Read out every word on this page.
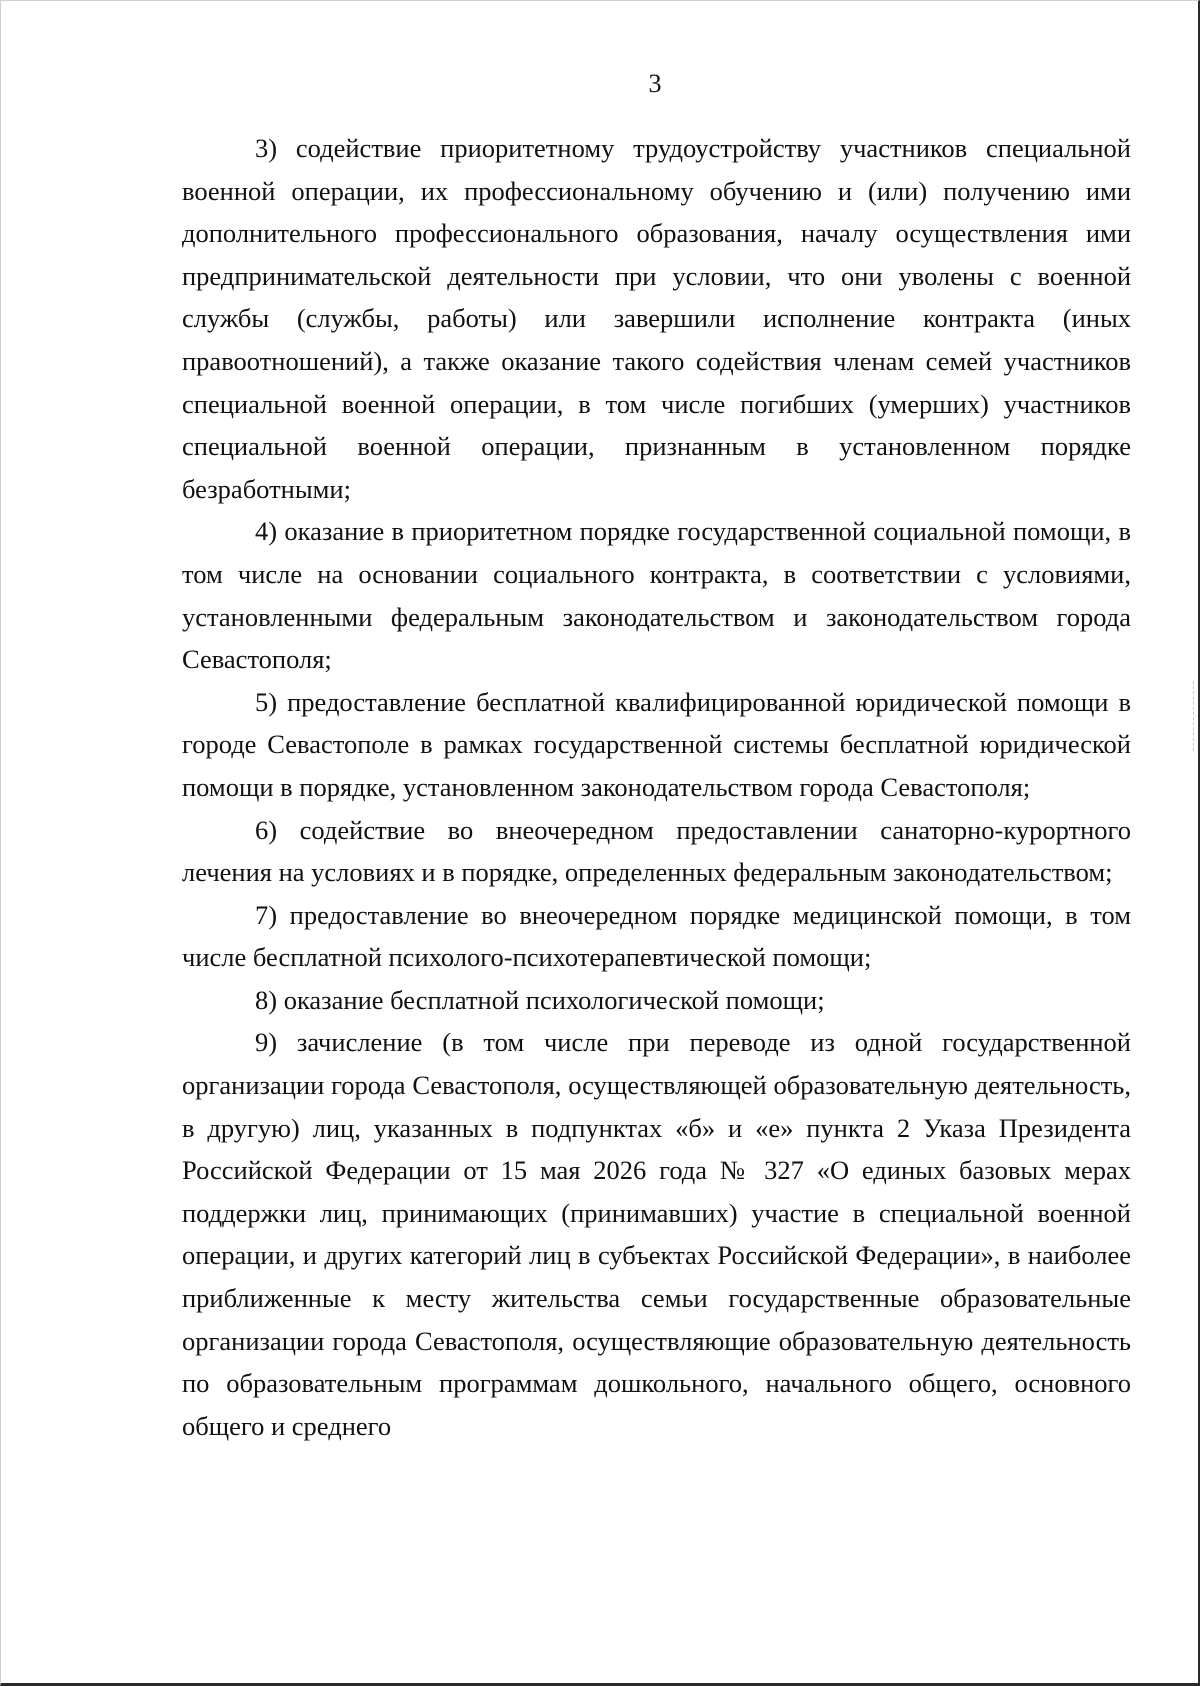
3

3) содействие приоритетному трудоустройству участников специальной военной операции, их профессиональному обучению и (или) получению ими дополнительного профессионального образования, началу осуществления ими предпринимательской деятельности при условии, что они уволены с военной службы (службы, работы) или завершили исполнение контракта (иных правоотношений), а также оказание такого содействия членам семей участников специальной военной операции, в том числе погибших (умерших) участников специальной военной операции, признанным в установленном порядке безработными;

4) оказание в приоритетном порядке государственной социальной помощи, в том числе на основании социального контракта, в соответствии с условиями, установленными федеральным законодательством и законодательством города Севастополя;

5) предоставление бесплатной квалифицированной юридической помощи в городе Севастополе в рамках государственной системы бесплатной юридической помощи в порядке, установленном законодательством города Севастополя;

6) содействие во внеочередном предоставлении санаторно-курортного лечения на условиях и в порядке, определенных федеральным законодательством;

7) предоставление во внеочередном порядке медицинской помощи, в том числе бесплатной психолого-психотерапевтической помощи;

8) оказание бесплатной психологической помощи;

9) зачисление (в том числе при переводе из одной государственной организации города Севастополя, осуществляющей образовательную деятельность, в другую) лиц, указанных в подпунктах «б» и «е» пункта 2 Указа Президента Российской Федерации от 15 мая 2026 года № 327 «О единых базовых мерах поддержки лиц, принимающих (принимавших) участие в специальной военной операции, и других категорий лиц в субъектах Российской Федерации», в наиболее приближенные к месту жительства семьи государственные образовательные организации города Севастополя, осуществляющие образовательную деятельность по образовательным программам дошкольного, начального общего, основного общего и среднего
